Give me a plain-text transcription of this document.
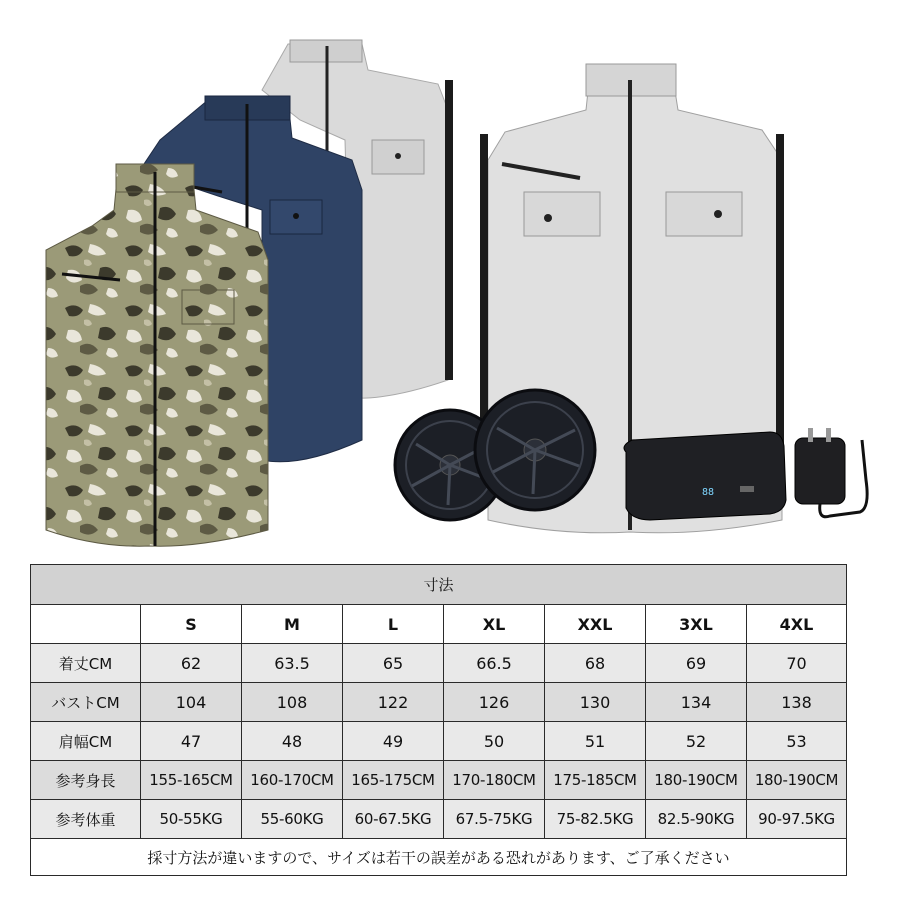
88
寸法							
	S	M	L	XL	XXL	3XL	4XL
着丈CM	62	63.5	65	66.5	68	69	70
バストCM	104	108	122	126	130	134	138
肩幅CM	47	48	49	50	51	52	53
参考身長	155-165CM	160-170CM	165-175CM	170-180CM	175-185CM	180-190CM	180-190CM
参考体重	50-55KG	55-60KG	60-67.5KG	67.5-75KG	75-82.5KG	82.5-90KG	90-97.5KG
採寸方法が違いますので、サイズは若干の誤差がある恐れがあります、ご了承ください							
